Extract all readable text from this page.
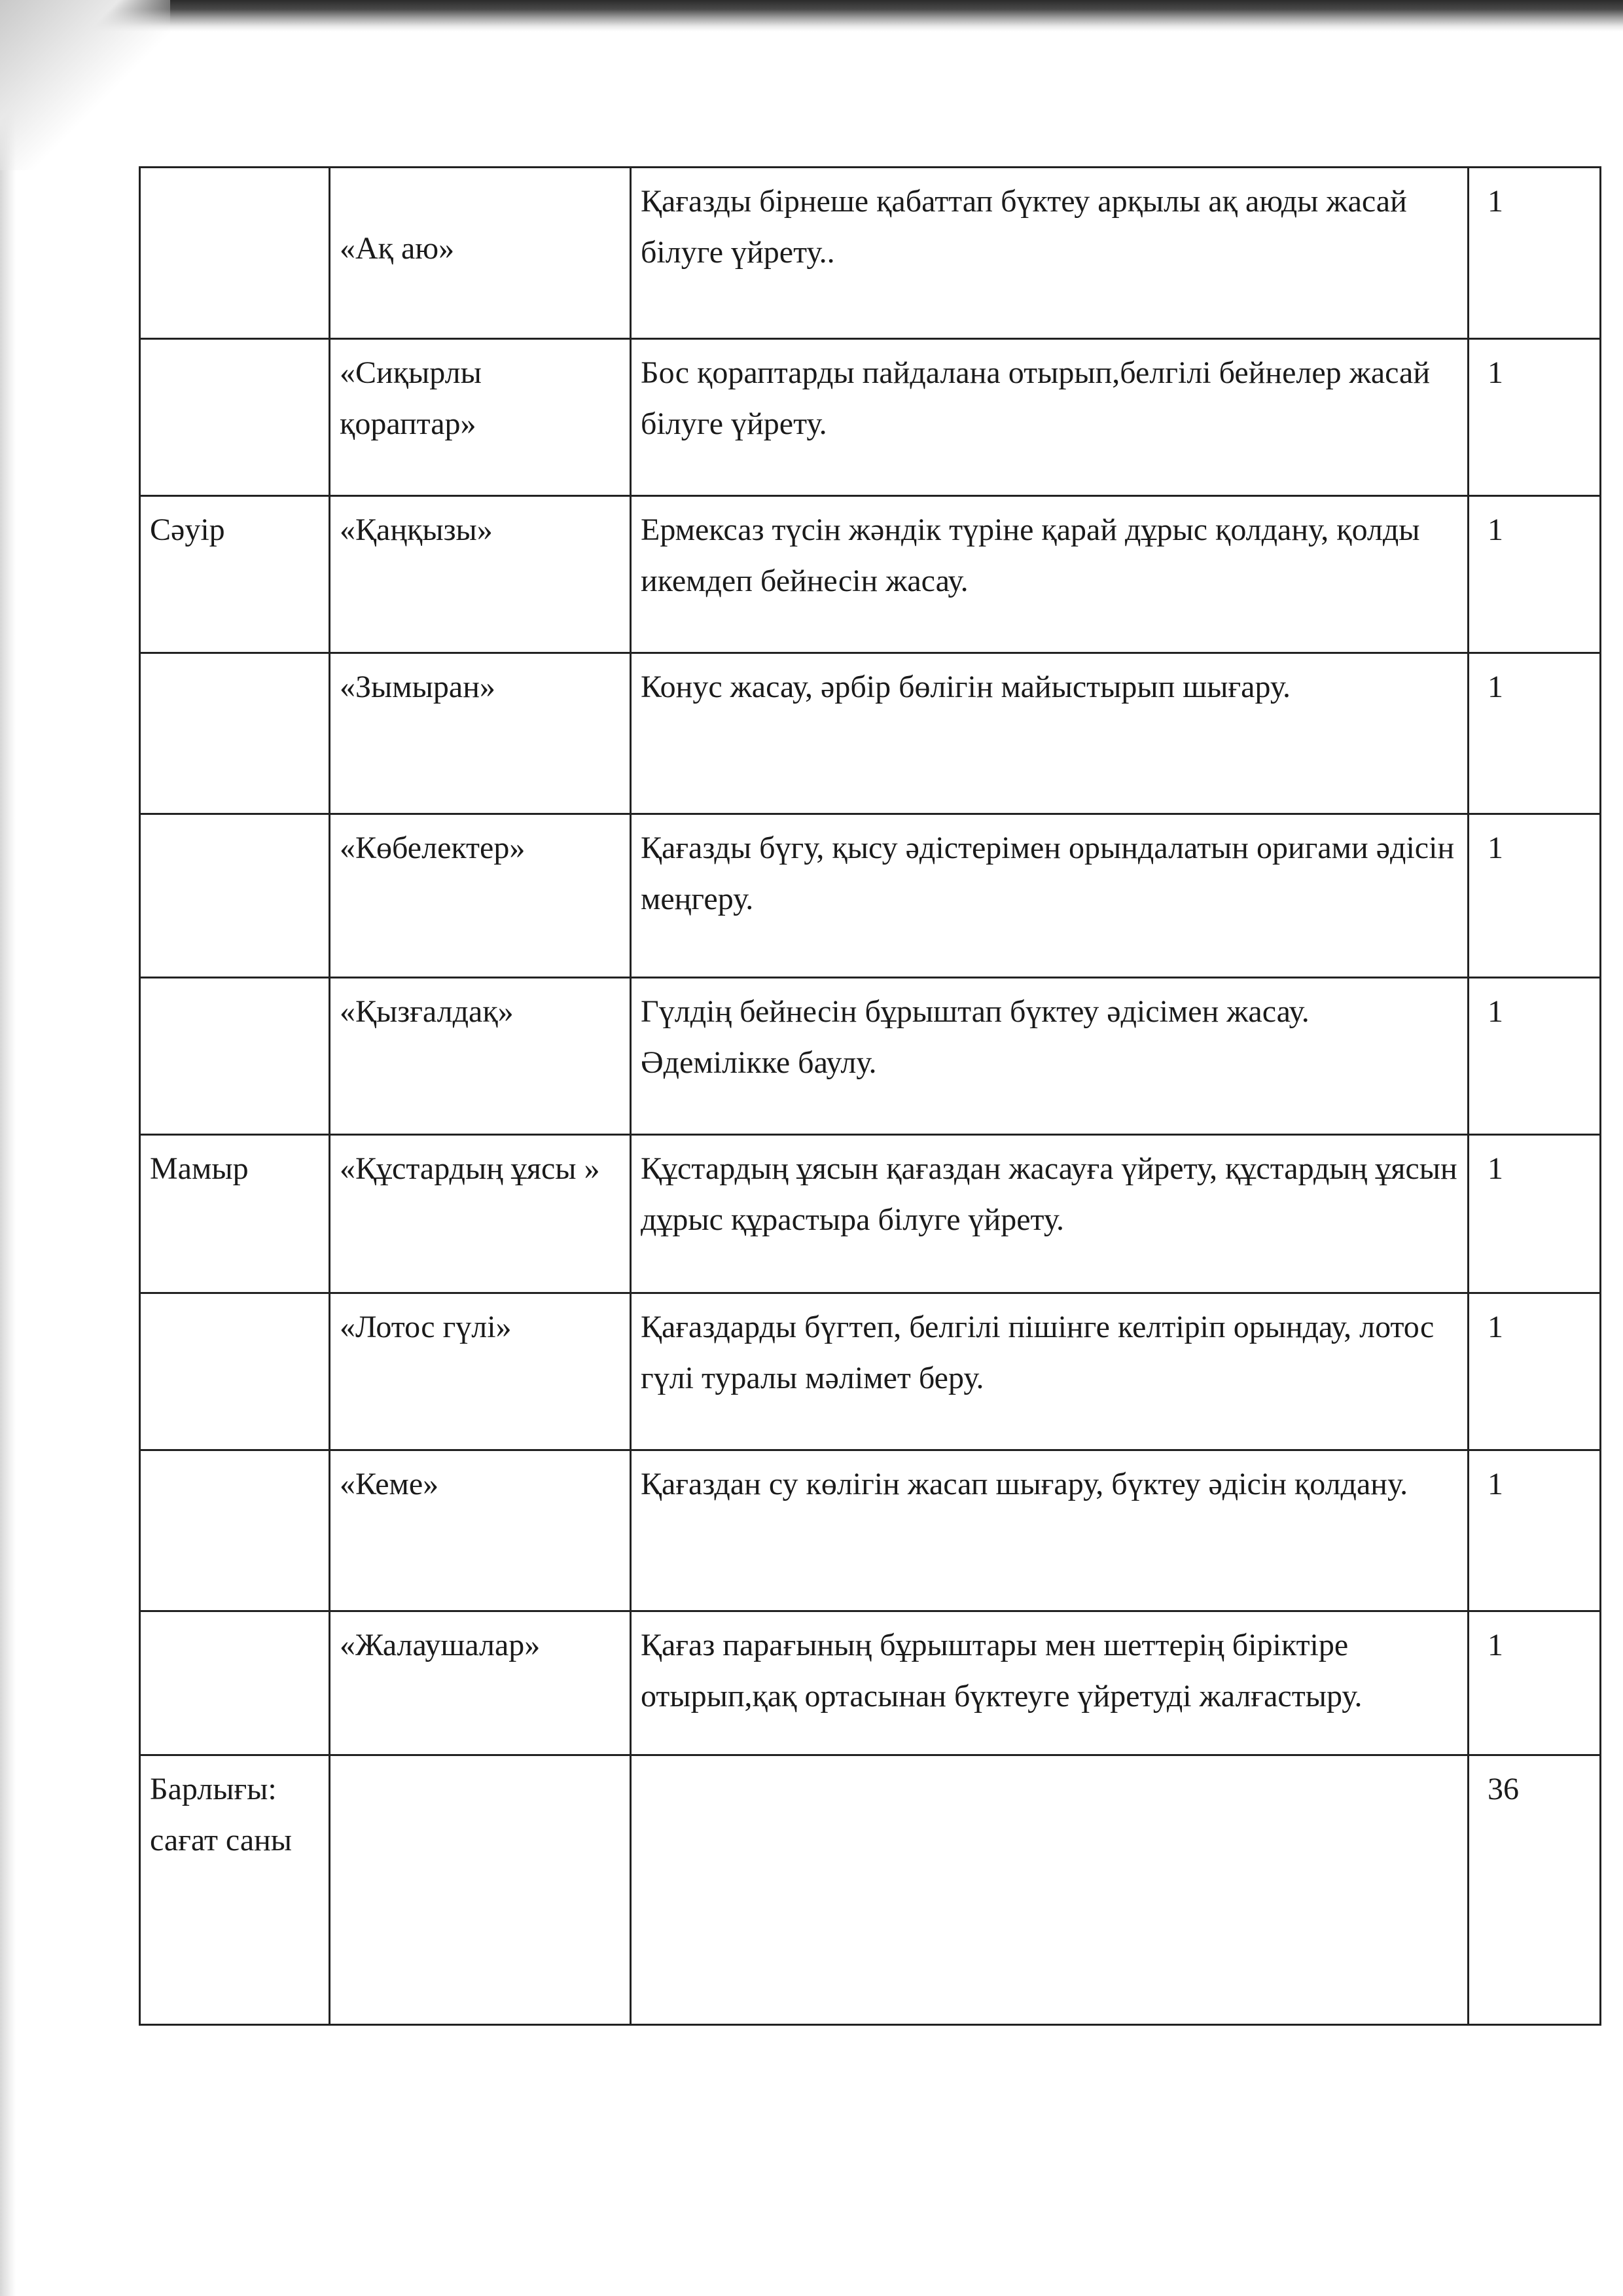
	«Ақ аю»	Қағазды бірнеше қабаттап бүктеу арқылы ақ аюды жасай білуге үйрету..	1
	«Сиқырлы қораптар»	Бос қораптарды пайдалана отырып,белгілі бейнелер жасай білуге үйрету.	1
Сәуір	«Қаңқызы»	Ермексаз түсін жәндік түріне қарай дұрыс қолдану, қолды икемдеп бейнесін жасау.	1
	«Зымыран»	Конус жасау, әрбір бөлігін майыстырып шығару.	1
	«Көбелектер»	Қағазды бүгу, қысу әдістерімен орындалатын оригами әдісін меңгеру.	1
	«Қызғалдақ»	Гүлдің бейнесін бұрыштап бүктеу әдісімен жасау. Әдемілікке баулу.	1
Мамыр	«Құстардың ұясы »	Құстардың ұясын қағаздан жасауға үйрету, құстардың ұясын дұрыс құрастыра білуге үйрету.	1
	«Лотос гүлі»	Қағаздарды бүгтеп, белгілі пішінге келтіріп орындау, лотос гүлі туралы мәлімет беру.	1
	«Кеме»	Қағаздан су көлігін жасап шығару, бүктеу әдісін қолдану.	1
	«Жалаушалар»	Қағаз парағының бұрыштары мен шеттерің біріктіре отырып,қақ ортасынан бүктеуге үйретуді жалғастыру.	1
Барлығы: сағат саны			36
